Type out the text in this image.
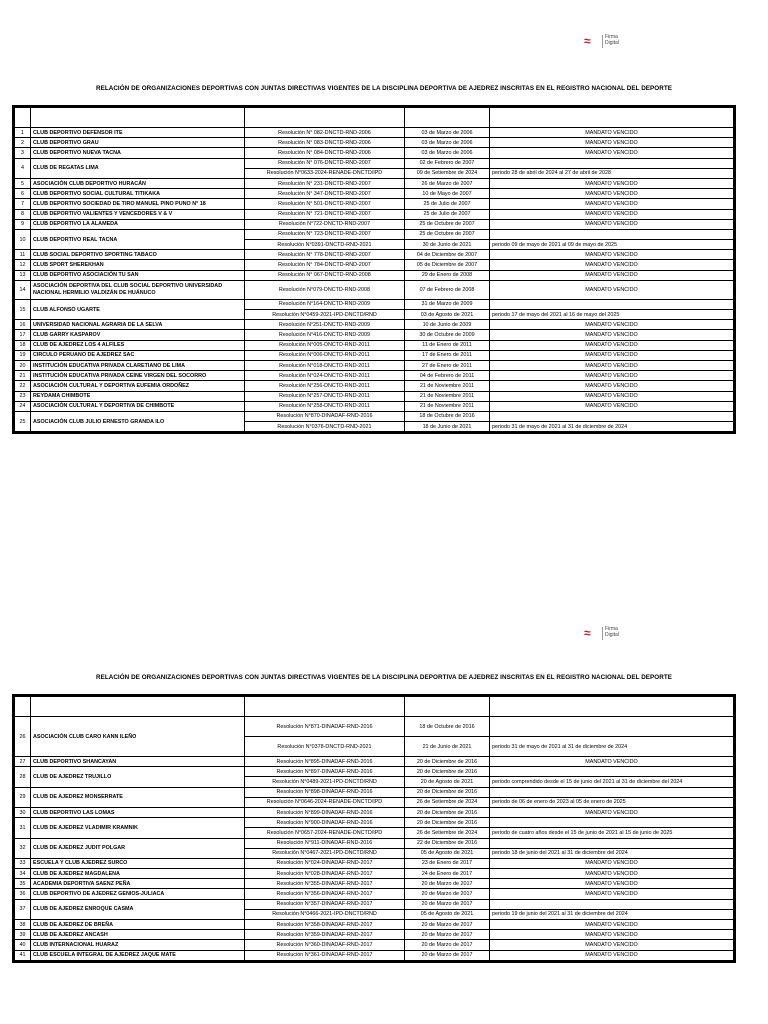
≈	Firma
Digital
RELACIÓN DE ORGANIZACIONES DEPORTIVAS CON JUNTAS DIRECTIVAS VIGENTES DE LA DISCIPLINA DEPORTIVA DE AJEDREZ INSCRITAS EN EL REGISTRO NACIONAL DEL DEPORTE

1	CLUB DEPORTIVO DEFENSOR ITE	Resolución N° 082-DNCTD-RND-2006	03 de Marzo de 2006	MANDATO VENCIDO
2	CLUB DEPORTIVO GRAU	Resolución N° 083-DNCTD-RND-2006	03 de Marzo de 2006	MANDATO VENCIDO
3	CLUB DEPORTIVO NUEVA TACNA	Resolución N° 084-DNCTD-RND-2006	03 de Marzo de 2006	MANDATO VENCIDO
4	CLUB DE REGATAS LIMA	Resolución N° 076-DNCTD-RND-2007	02 de Febrero de 2007	
		Resolución N°0633-2024-RENADE-DNCTD/IPD	09 de Setiembre de 2024	periodo 28 de abril de 2024 al 27 de abril de 2028
5	ASOCIACIÓN CLUB DEPORTIVO HURACÁN	Resolución N° 231-DNCTD-RND-2007	26 de Marzo de 2007	MANDATO VENCIDO
6	CLUB DEPORTIVO SOCIAL CULTURAL TITIKAKA	Resolución N° 347-DNCTD-RND-2007	10 de Mayo de 2007	MANDATO VENCIDO
7	CLUB DEPORTIVO SOCIEDAD DE TIRO MANUEL PINO PUNO N° 18	Resolución N° 501-DNCTD-RND-2007	25 de Julio de 2007	MANDATO VENCIDO
8	CLUB DEPORTIVO VALIENTES Y VENCEDORES V & V	Resolución N° 721-DNCTD-RND-2007	25 de Julio de 2007	MANDATO VENCIDO
9	CLUB DEPORTIVO LA ALAMEDA	Resolución N°722-DNCTD-RND-2007	25 de Octubre de 2007	MANDATO VENCIDO
10	CLUB DEPORTIVO REAL TACNA	Resolución N° 723-DNCTD-RND-2007	25 de Octubre de 2007	
		Resolución N°0391-DNCTD-RND-2021	30 de Junio de 2021	periodo 09 de mayo de 2021 al 09 de mayo de 2025
11	CLUB SOCIAL DEPORTIVO SPORTING TABACO	Resolución N° 778-DNCTD-RND-2007	04 de Diciembre de 2007	MANDATO VENCIDO
12	CLUB SPORT SHEREKHAN	Resolución N° 784-DNCTD-RND-2007	05 de Diciembre de 2007	MANDATO VENCIDO
13	CLUB DEPORTIVO ASOCIACIÓN TU SAN	Resolución N° 067-DNCTD-RND-2008	29 de Enero de 2008	MANDATO VENCIDO
14	ASOCIACIÓN DEPORTIVA DEL CLUB SOCIAL DEPORTIVO UNIVERSIDAD NACIONAL HERMILIO VALDIZÁN DE HUÁNUCO	Resolución N°079-DNCTD-RND-2008	07 de Febrero de 2008	MANDATO VENCIDO
15	CLUB ALFONSO UGARTE	Resolución N°164-DNCTD-RND-2009	31 de Marzo de 2009	
		Resolución N°0459-2021-IPD-DNCTD/RND	03 de Agosto de 2021	periodo 17 de mayo del 2021 al 16 de mayo del 2025
16	UNIVERSIDAD NACIONAL AGRARIA DE LA SELVA	Resolución N°251-DNCTD-RND-2009	10 de Junio de 2009	MANDATO VENCIDO
17	CLUB GARRY KASPAROV	Resolución N°416-DNCTD-RND-2009	30 de Octubre de 2009	MANDATO VENCIDO
18	CLUB DE AJEDREZ LOS 4 ALFILES	Resolución N°005-DNCTD-RND-2011	11 de Enero de 2011	MANDATO VENCIDO
19	CIRCULO PERUANO DE AJEDREZ SAC	Resolución N°006-DNCTD-RND-2011	17 de Enero de 2011	MANDATO VENCIDO
20	INSTITUCIÓN EDUCATIVA PRIVADA CLARETIANO DE LIMA	Resolución N°018-DNCTD-RND-2011	27 de Enero de 2011	MANDATO VENCIDO
21	INSTITUCIÓN EDUCATIVA PRIVADA CEINE VIRGEN DEL SOCORRO	Resolución N°024-DNCTD-RND-2011	04 de Febrero de 2011	MANDATO VENCIDO
22	ASOCIACIÓN CULTURAL Y DEPORTIVA EUFEMIA ORDOÑEZ	Resolución N°256-DNCTD-RND-2011	21 de Noviembre 2011	MANDATO VENCIDO
23	REYDAMA CHIMBOTE	Resolución N°257-DNCTD-RND-2011	21 de Noviembre 2011	MANDATO VENCIDO
24	ASOCIACIÓN CULTURAL Y DEPORTIVA DE CHIMBOTE	Resolución N°258-DNCTD-RND-2011	21 de Noviembre 2011	MANDATO VENCIDO
25	ASOCIACIÓN CLUB JULIO ERNESTO GRANDA ILO	Resolución N°870-DINADAF-RND-2016	18 de Octubre de 2016	
		Resolución N°0376-DNCTD-RND-2021	18 de Junio de 2021	periodo 31 de mayo de 2021 al 31 de diciembre de 2024
≈	Firma
Digital
RELACIÓN DE ORGANIZACIONES DEPORTIVAS CON JUNTAS DIRECTIVAS VIGENTES DE LA DISCIPLINA DEPORTIVA DE AJEDREZ INSCRITAS EN EL REGISTRO NACIONAL DEL DEPORTE

26	ASOCIACIÓN CLUB CARO KANN ILEÑO	Resolución N°871-DINADAF-RND-2016	18 de Octubre de 2016	
		Resolución N°0378-DNCTD-RND-2021	21 de Junio de 2021	periodo 31 de mayo de 2021 al 31 de diciembre de 2024
27	CLUB DEPORTIVO SHANCAYAN	Resolución N°895-DINADAF-RND-2016	20 de Diciembre de 2016	MANDATO VENCIDO
28	CLUB DE AJEDREZ TRUJILLO	Resolución N°897-DINADAF-RND-2016	20 de Diciembre de 2016	
		Resolución N°0489-2021-IPD-DNCTD/RND	20 de Agosto de 2021	periodo comprendido desde el 15 de junio del 2021 al 31 de diciembre del 2024
29	CLUB DE AJEDREZ MONSERRATE	Resolución N°898-DINADAF-RND-2016	20 de Diciembre de 2016	
		Resolución N°0646-2024-RENADE-DNCTD/IPD	26 de Setiembre de 2024	periodo de 06 de enero de 2023 al 05 de enero de 2025
30	CLUB DEPORTIVO LAS LOMAS	Resolución N°899-DINADAF-RND-2016	20 de Diciembre de 2016	MANDATO VENCIDO
31	CLUB DE AJEDREZ VLADIMIR KRAMNIK	Resolución N°900-DINADAF-RND-2016	20 de Diciembre de 2016	
		Resolución N°0657-2024-RENADE-DNCTD/IPD	26 de Setiembre de 2024	periodo de cuatro años desde el 15 de junio de 2021 al 15 de junio de 2025
32	CLUB DE AJEDREZ JUDIT POLGAR	Resolución N°911-DINADAF-RND-2016	22 de Diciembre de 2016	
		Resolución N°0467-2021-IPD-DNCTD/RND	05 de Agosto de 2021	periodo 18 de junio del 2021 al 31 de diciembre del 2024
33	ESCUELA Y CLUB AJEDREZ SURCO	Resolución N°024-DINADAF-RND-2017	23 de Enero de 2017	MANDATO VENCIDO
34	CLUB DE AJEDREZ MAGDALENA	Resolución N°028-DINADAF-RND-2017	24 de Enero de 2017	MANDATO VENCIDO
35	ACADEMIA DEPORTIVA SAENZ PEÑA	Resolución N°355-DINADAF-RND-2017	20 de Marzo de 2017	MANDATO VENCIDO
36	CLUB DEPORTIVO DE AJEDREZ GENIOS-JULIACA	Resolución N°356-DINADAF-RND-2017	20 de Marzo de 2017	MANDATO VENCIDO
37	CLUB DE AJEDREZ ENROQUE CASMA	Resolución N°357-DINADAF-RND-2017	20 de Marzo de 2017	
		Resolución N°0466-2021-IPD-DNCTD/RND	05 de Agosto de 2021	periodo 19 de junio del 2021 al 31 de diciembre del 2024
38	CLUB DE AJEDREZ DE BREÑA	Resolución N°358-DINADAF-RND-2017	20 de Marzo de 2017	MANDATO VENCIDO
39	CLUB DE AJEDREZ ANCASH	Resolución N°359-DINADAF-RND-2017	20 de Marzo de 2017	MANDATO VENCIDO
40	CLUB INTERNACIONAL HUARAZ	Resolución N°360-DINADAF-RND-2017	20 de Marzo de 2017	MANDATO VENCIDO
41	CLUB ESCUELA INTEGRAL DE AJEDREZ JAQUE MATE	Resolución N°361-DINADAF-RND-2017	20 de Marzo de 2017	MANDATO VENCIDO
